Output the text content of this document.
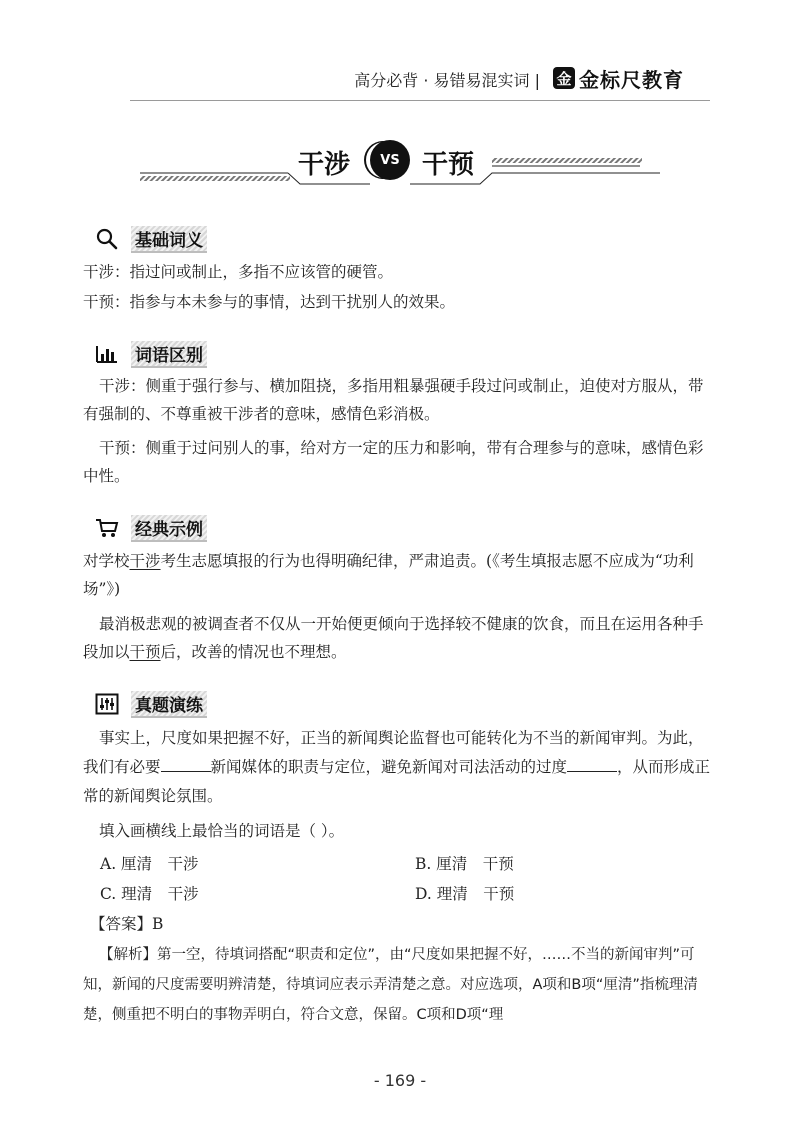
高分必背 · 易错易混实词 | 金 金标尺教育
干涉	VS 干预
基础词义
干涉：指过问或制止，多指不应该管的硬管。
干预：指参与本未参与的事情，达到干扰别人的效果。
词语区别
干涉：侧重于强行参与、横加阻挠，多指用粗暴强硬手段过问或制止，迫使对方服从，带有强制的、不尊重被干涉者的意味，感情色彩消极。
干预：侧重于过问别人的事，给对方一定的压力和影响，带有合理参与的意味，感情色彩中性。
经典示例
对学校干涉考生志愿填报的行为也得明确纪律，严肃追责。(《考生填报志愿不应成为“功利场”》)
最消极悲观的被调查者不仅从一开始便更倾向于选择较不健康的饮食，而且在运用各种手段加以干预后，改善的情况也不理想。
真题演练
事实上，尺度如果把握不好，正当的新闻舆论监督也可能转化为不当的新闻审判。为此，我们有必要	新闻媒体的职责与定位，避免新闻对司法活动的过度	，从而形成正常的新闻舆论氛围。
填入画横线上最恰当的词语是（ ）。
A. 厘清　干涉	B. 厘清　干预
C. 理清　干涉	D. 理清　干预
【答案】B
【解析】第一空，待填词搭配“职责和定位”，由“尺度如果把握不好，……不当的新闻审判”可知，新闻的尺度需要明辨清楚，待填词应表示弄清楚之意。对应选项，A项和B项“厘清”指梳理清楚，侧重把不明白的事物弄明白，符合文意，保留。C项和D项“理
- 169 -
